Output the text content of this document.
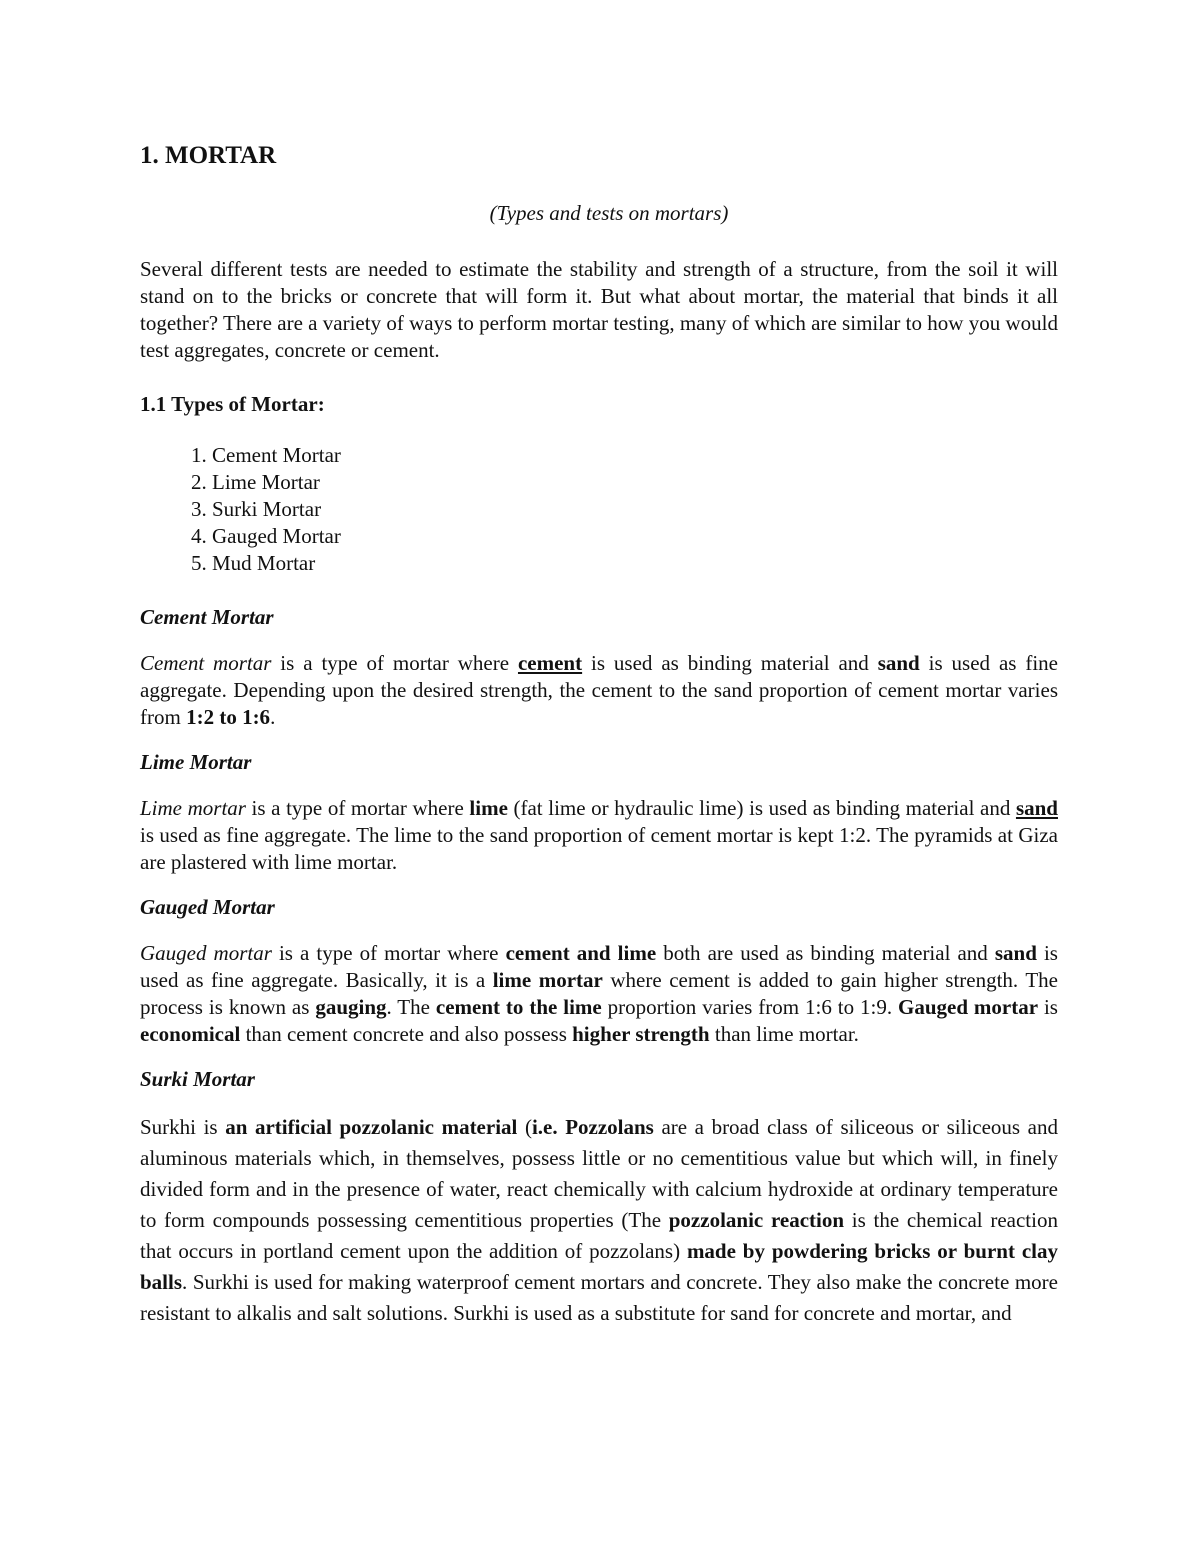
1. MORTAR
(Types and tests on mortars)

Several different tests are needed to estimate the stability and strength of a structure, from the soil it will stand on to the bricks or concrete that will form it. But what about mortar, the material that binds it all together? There are a variety of ways to perform mortar testing, many of which are similar to how you would test aggregates, concrete or cement.

1.1 Types of Mortar:
1. Cement Mortar
2. Lime Mortar
3. Surki Mortar
4. Gauged Mortar
5. Mud Mortar
Cement Mortar

Cement mortar is a type of mortar where cement is used as binding material and sand is used as fine aggregate. Depending upon the desired strength, the cement to the sand proportion of cement mortar varies from 1:2 to 1:6.

Lime Mortar

Lime mortar is a type of mortar where lime (fat lime or hydraulic lime) is used as binding material and sand is used as fine aggregate. The lime to the sand proportion of cement mortar is kept 1:2. The pyramids at Giza are plastered with lime mortar.

Gauged Mortar

Gauged mortar is a type of mortar where cement and lime both are used as binding material and sand is used as fine aggregate. Basically, it is a lime mortar where cement is added to gain higher strength. The process is known as gauging. The cement to the lime proportion varies from 1:6 to 1:9. Gauged mortar is economical than cement concrete and also possess higher strength than lime mortar.

Surki Mortar

Surkhi is an artificial pozzolanic material (i.e. Pozzolans are a broad class of siliceous or siliceous and aluminous materials which, in themselves, possess little or no cementitious value but which will, in finely divided form and in the presence of water, react chemically with calcium hydroxide at ordinary temperature to form compounds possessing cementitious properties (The pozzolanic reaction is the chemical reaction that occurs in portland cement upon the addition of pozzolans) made by powdering bricks or burnt clay balls. Surkhi is used for making waterproof cement mortars and concrete. They also make the concrete more resistant to alkalis and salt solutions. Surkhi is used as a substitute for sand for concrete and mortar, and
